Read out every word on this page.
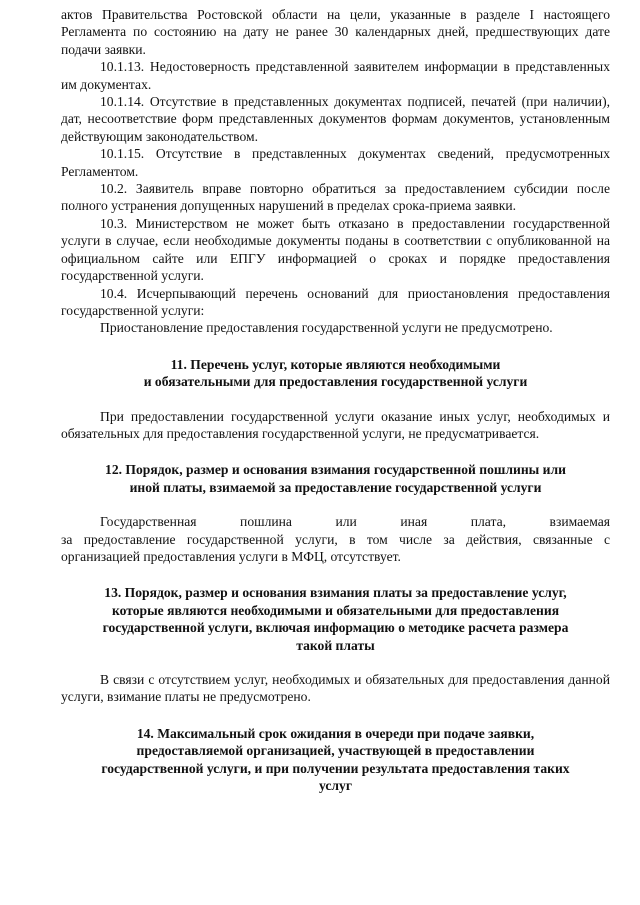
актов Правительства Ростовской области на цели, указанные в разделе I настоящего Регламента по состоянию на дату не ранее 30 календарных дней, предшествующих дате подачи заявки.

10.1.13. Недостоверность представленной заявителем информации в представленных им документах.

10.1.14. Отсутствие в представленных документах подписей, печатей (при наличии), дат, несоответствие форм представленных документов формам документов, установленным действующим законодательством.

10.1.15. Отсутствие в представленных документах сведений, предусмотренных Регламентом.

10.2. Заявитель вправе повторно обратиться за предоставлением субсидии после полного устранения допущенных нарушений в пределах срока-приема заявки.

10.3. Министерством не может быть отказано в предоставлении государственной услуги в случае, если необходимые документы поданы в соответствии с опубликованной на официальном сайте или ЕПГУ информацией о сроках и порядке предоставления государственной услуги.

10.4. Исчерпывающий перечень оснований для приостановления предоставления государственной услуги:

Приостановление предоставления государственной услуги не предусмотрено.

11. Перечень услуг, которые являются необходимыми
и обязательными для предоставления государственной услуги

При предоставлении государственной услуги оказание иных услуг, необходимых и обязательных для предоставления государственной услуги, не предусматривается.

12. Порядок, размер и основания взимания государственной пошлины или
иной платы, взимаемой за предоставление государственной услуги

Государственная пошлина или иная плата, взимаемая

за предоставление государственной услуги, в том числе за действия, связанные с организацией предоставления услуги в МФЦ, отсутствует.

13. Порядок, размер и основания взимания платы за предоставление услуг,
которые являются необходимыми и обязательными для предоставления
государственной услуги, включая информацию о методике расчета размера
такой платы

В связи с отсутствием услуг, необходимых и обязательных для предоставления данной услуги, взимание платы не предусмотрено.

14. Максимальный срок ожидания в очереди при подаче заявки,
предоставляемой организацией, участвующей в предоставлении
государственной услуги, и при получении результата предоставления таких
услуг
